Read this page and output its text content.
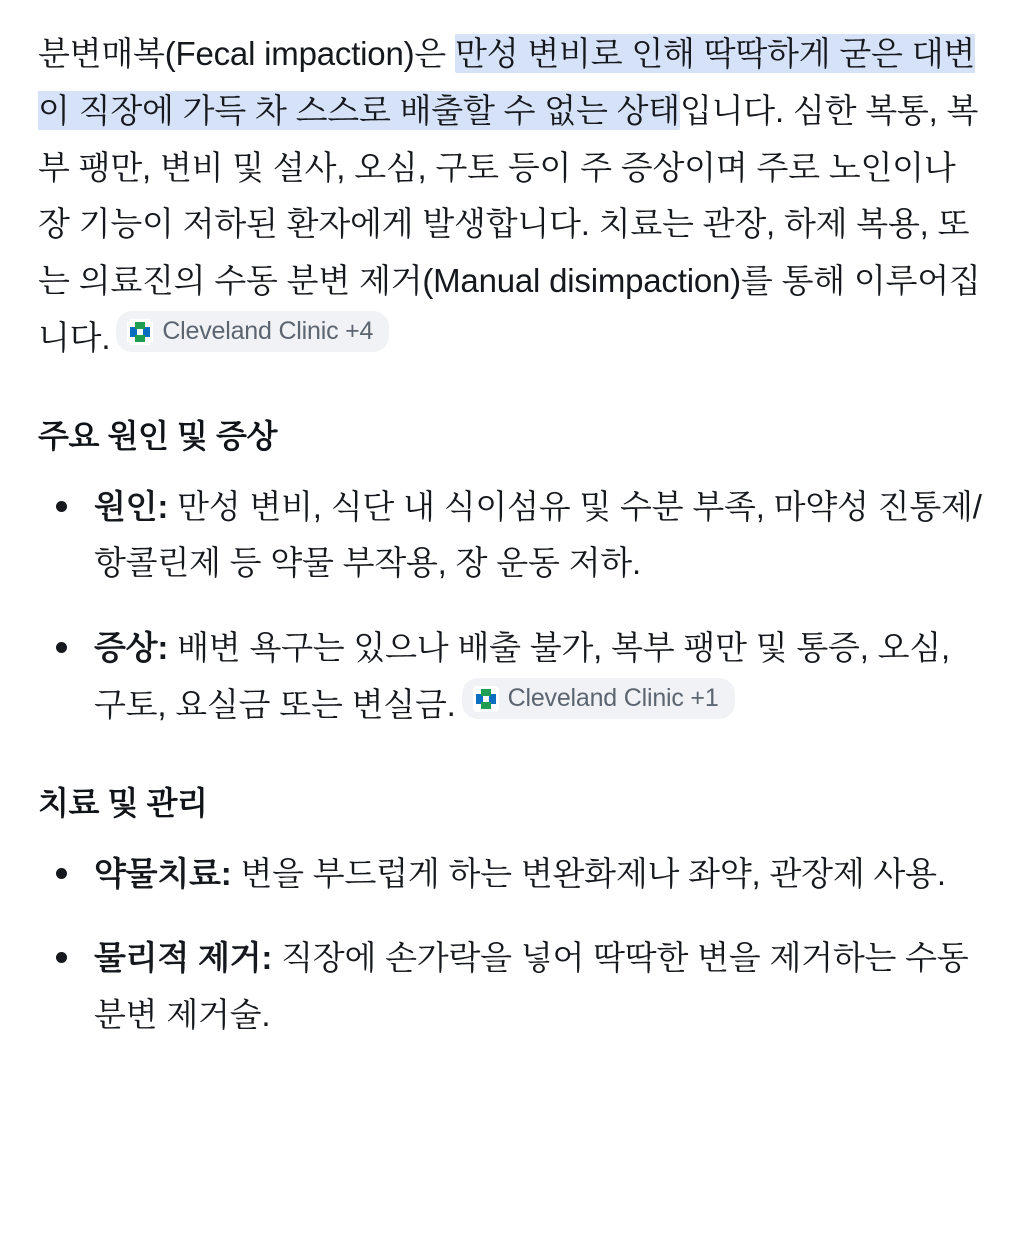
분변매복(Fecal impaction)은 만성 변비로 인해 딱딱하게 굳은 대변이 직장에 가득 차 스스로 배출할 수 없는 상태입니다. 심한 복통, 복부 팽만, 변비 및 설사, 오심, 구토 등이 주 증상이며 주로 노인이나 장 기능이 저하된 환자에게 발생합니다. 치료는 관장, 하제 복용, 또는 의료진의 수동 분변 제거(Manual disimpaction)를 통해 이루어집니다. Cleveland Clinic +4

주요 원인 및 증상
원인: 만성 변비, 식단 내 식이섬유 및 수분 부족, 마약성 진통제/항콜린제 등 약물 부작용, 장 운동 저하.
증상: 배변 욕구는 있으나 배출 불가, 복부 팽만 및 통증, 오심, 구토, 요실금 또는 변실금. Cleveland Clinic +1
치료 및 관리
약물치료: 변을 부드럽게 하는 변완화제나 좌약, 관장제 사용.
물리적 제거: 직장에 손가락을 넣어 딱딱한 변을 제거하는 수동 분변 제거술.
